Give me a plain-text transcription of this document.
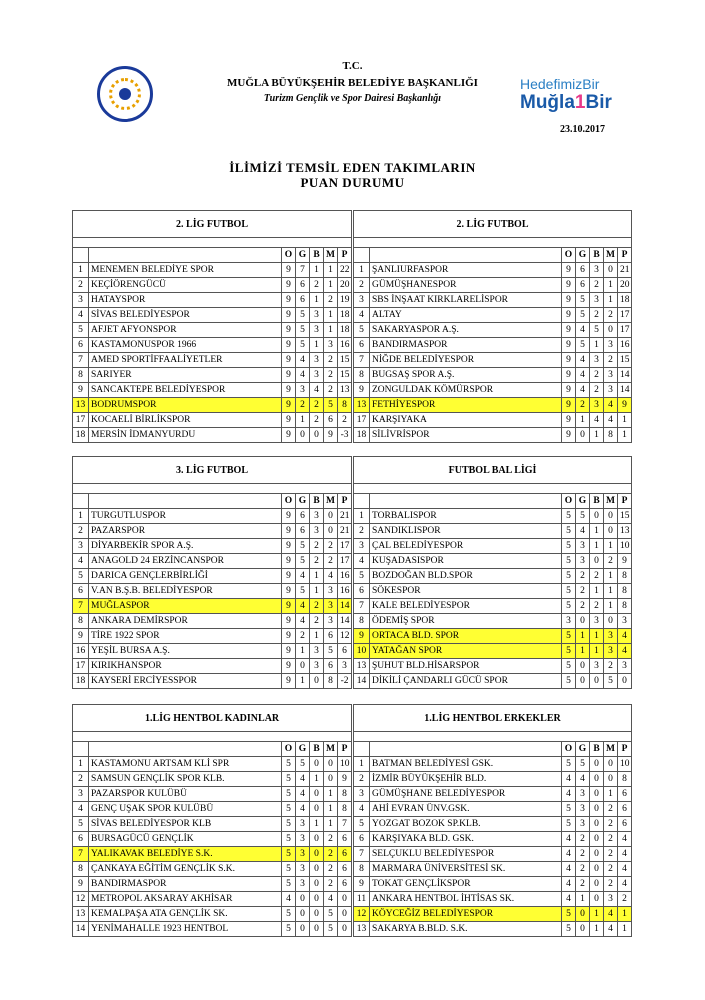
T.C.
MUĞLA BÜYÜKŞEHİR BELEDİYE BAŞKANLIĞI
Turizm Gençlik ve Spor Dairesi Başkanlığı
HedefimizBir
Muğla1Bir
23.10.2017
İLİMİZİ TEMSİL EDEN TAKIMLARIN
PUAN DURUMU
2. LİG FUTBOL						

		O	G	B	M	P
1	MENEMEN BELEDİYE SPOR	9	7	1	1	22
2	KEÇİÖRENGÜCÜ	9	6	2	1	20
3	HATAYSPOR	9	6	1	2	19
4	SİVAS BELEDİYESPOR	9	5	3	1	18
5	AFJET AFYONSPOR	9	5	3	1	18
6	KASTAMONUSPOR 1966	9	5	1	3	16
7	AMED SPORTİFFAALİYETLER	9	4	3	2	15
8	SARIYER	9	4	3	2	15
9	SANCAKTEPE BELEDİYESPOR	9	3	4	2	13
13	BODRUMSPOR	9	2	2	5	8
17	KOCAELİ BİRLİKSPOR	9	1	2	6	2
18	MERSİN İDMANYURDU	9	0	0	9	-3
2. LİG FUTBOL						

		O	G	B	M	P
1	ŞANLIURFASPOR	9	6	3	0	21
2	GÜMÜŞHANESPOR	9	6	2	1	20
3	SBS İNŞAAT KIRKLARELİSPOR	9	5	3	1	18
4	ALTAY	9	5	2	2	17
5	SAKARYASPOR A.Ş.	9	4	5	0	17
6	BANDIRMASPOR	9	5	1	3	16
7	NİĞDE BELEDİYESPOR	9	4	3	2	15
8	BUGSAŞ SPOR A.Ş.	9	4	2	3	14
9	ZONGULDAK KÖMÜRSPOR	9	4	2	3	14
13	FETHİYESPOR	9	2	3	4	9
17	KARŞIYAKA	9	1	4	4	1
18	SİLİVRİSPOR	9	0	1	8	1
3. LİG FUTBOL						

		O	G	B	M	P
1	TURGUTLUSPOR	9	6	3	0	21
2	PAZARSPOR	9	6	3	0	21
3	DİYARBEKİR SPOR A.Ş.	9	5	2	2	17
4	ANAGOLD 24 ERZİNCANSPOR	9	5	2	2	17
5	DARICA GENÇLERBİRLİĞİ	9	4	1	4	16
6	V.AN B.Ş.B. BELEDİYESPOR	9	5	1	3	16
7	MUĞLASPOR	9	4	2	3	14
8	ANKARA DEMİRSPOR	9	4	2	3	14
9	TİRE 1922 SPOR	9	2	1	6	12
16	YEŞİL BURSA A.Ş.	9	1	3	5	6
17	KIRIKHANSPOR	9	0	3	6	3
18	KAYSERİ ERCİYESSPOR	9	1	0	8	-2
FUTBOL BAL LİGİ						

		O	G	B	M	P
1	TORBALISPOR	5	5	0	0	15
2	SANDIKLISPOR	5	4	1	0	13
3	ÇAL BELEDİYESPOR	5	3	1	1	10
4	KUŞADASISPOR	5	3	0	2	9
5	BOZDOĞAN BLD.SPOR	5	2	2	1	8
6	SÖKESPOR	5	2	1	1	8
7	KALE BELEDİYESPOR	5	2	2	1	8
8	ÖDEMİŞ SPOR	3	0	3	0	3
9	ORTACA BLD. SPOR	5	1	1	3	4
10	YATAĞAN SPOR	5	1	1	3	4
13	ŞUHUT BLD.HİSARSPOR	5	0	3	2	3
14	DİKİLİ ÇANDARLI GÜCÜ SPOR	5	0	0	5	0
1.LİG HENTBOL KADINLAR						

		O	G	B	M	P
1	KASTAMONU ARTSAM KLİ SPR	5	5	0	0	10
2	SAMSUN GENÇLİK SPOR KLB.	5	4	1	0	9
3	PAZARSPOR KULÜBÜ	5	4	0	1	8
4	GENÇ UŞAK SPOR KULÜBÜ	5	4	0	1	8
5	SİVAS BELEDİYESPOR KLB	5	3	1	1	7
6	BURSAGÜCÜ GENÇLİK	5	3	0	2	6
7	YALIKAVAK BELEDİYE S.K.	5	3	0	2	6
8	ÇANKAYA EĞİTİM GENÇLİK S.K.	5	3	0	2	6
9	BANDIRMASPOR	5	3	0	2	6
12	METROPOL AKSARAY AKHİSAR	4	0	0	4	0
13	KEMALPAŞA ATA GENÇLİK SK.	5	0	0	5	0
14	YENİMAHALLE 1923 HENTBOL	5	0	0	5	0
1.LİG HENTBOL ERKEKLER						

		O	G	B	M	P
1	BATMAN BELEDİYESİ GSK.	5	5	0	0	10
2	İZMİR BÜYÜKŞEHİR BLD.	4	4	0	0	8
3	GÜMÜŞHANE BELEDİYESPOR	4	3	0	1	6
4	AHİ EVRAN ÜNV.GSK.	5	3	0	2	6
5	YOZGAT BOZOK SP.KLB.	5	3	0	2	6
6	KARŞIYAKA BLD. GSK.	4	2	0	2	4
7	SELÇUKLU BELEDİYESPOR	4	2	0	2	4
8	MARMARA ÜNİVERSİTESİ SK.	4	2	0	2	4
9	TOKAT GENÇLİKSPOR	4	2	0	2	4
11	ANKARA HENTBOL İHTİSAS SK.	4	1	0	3	2
12	KÖYCEĞİZ BELEDİYESPOR	5	0	1	4	1
13	SAKARYA B.BLD. S.K.	5	0	1	4	1
